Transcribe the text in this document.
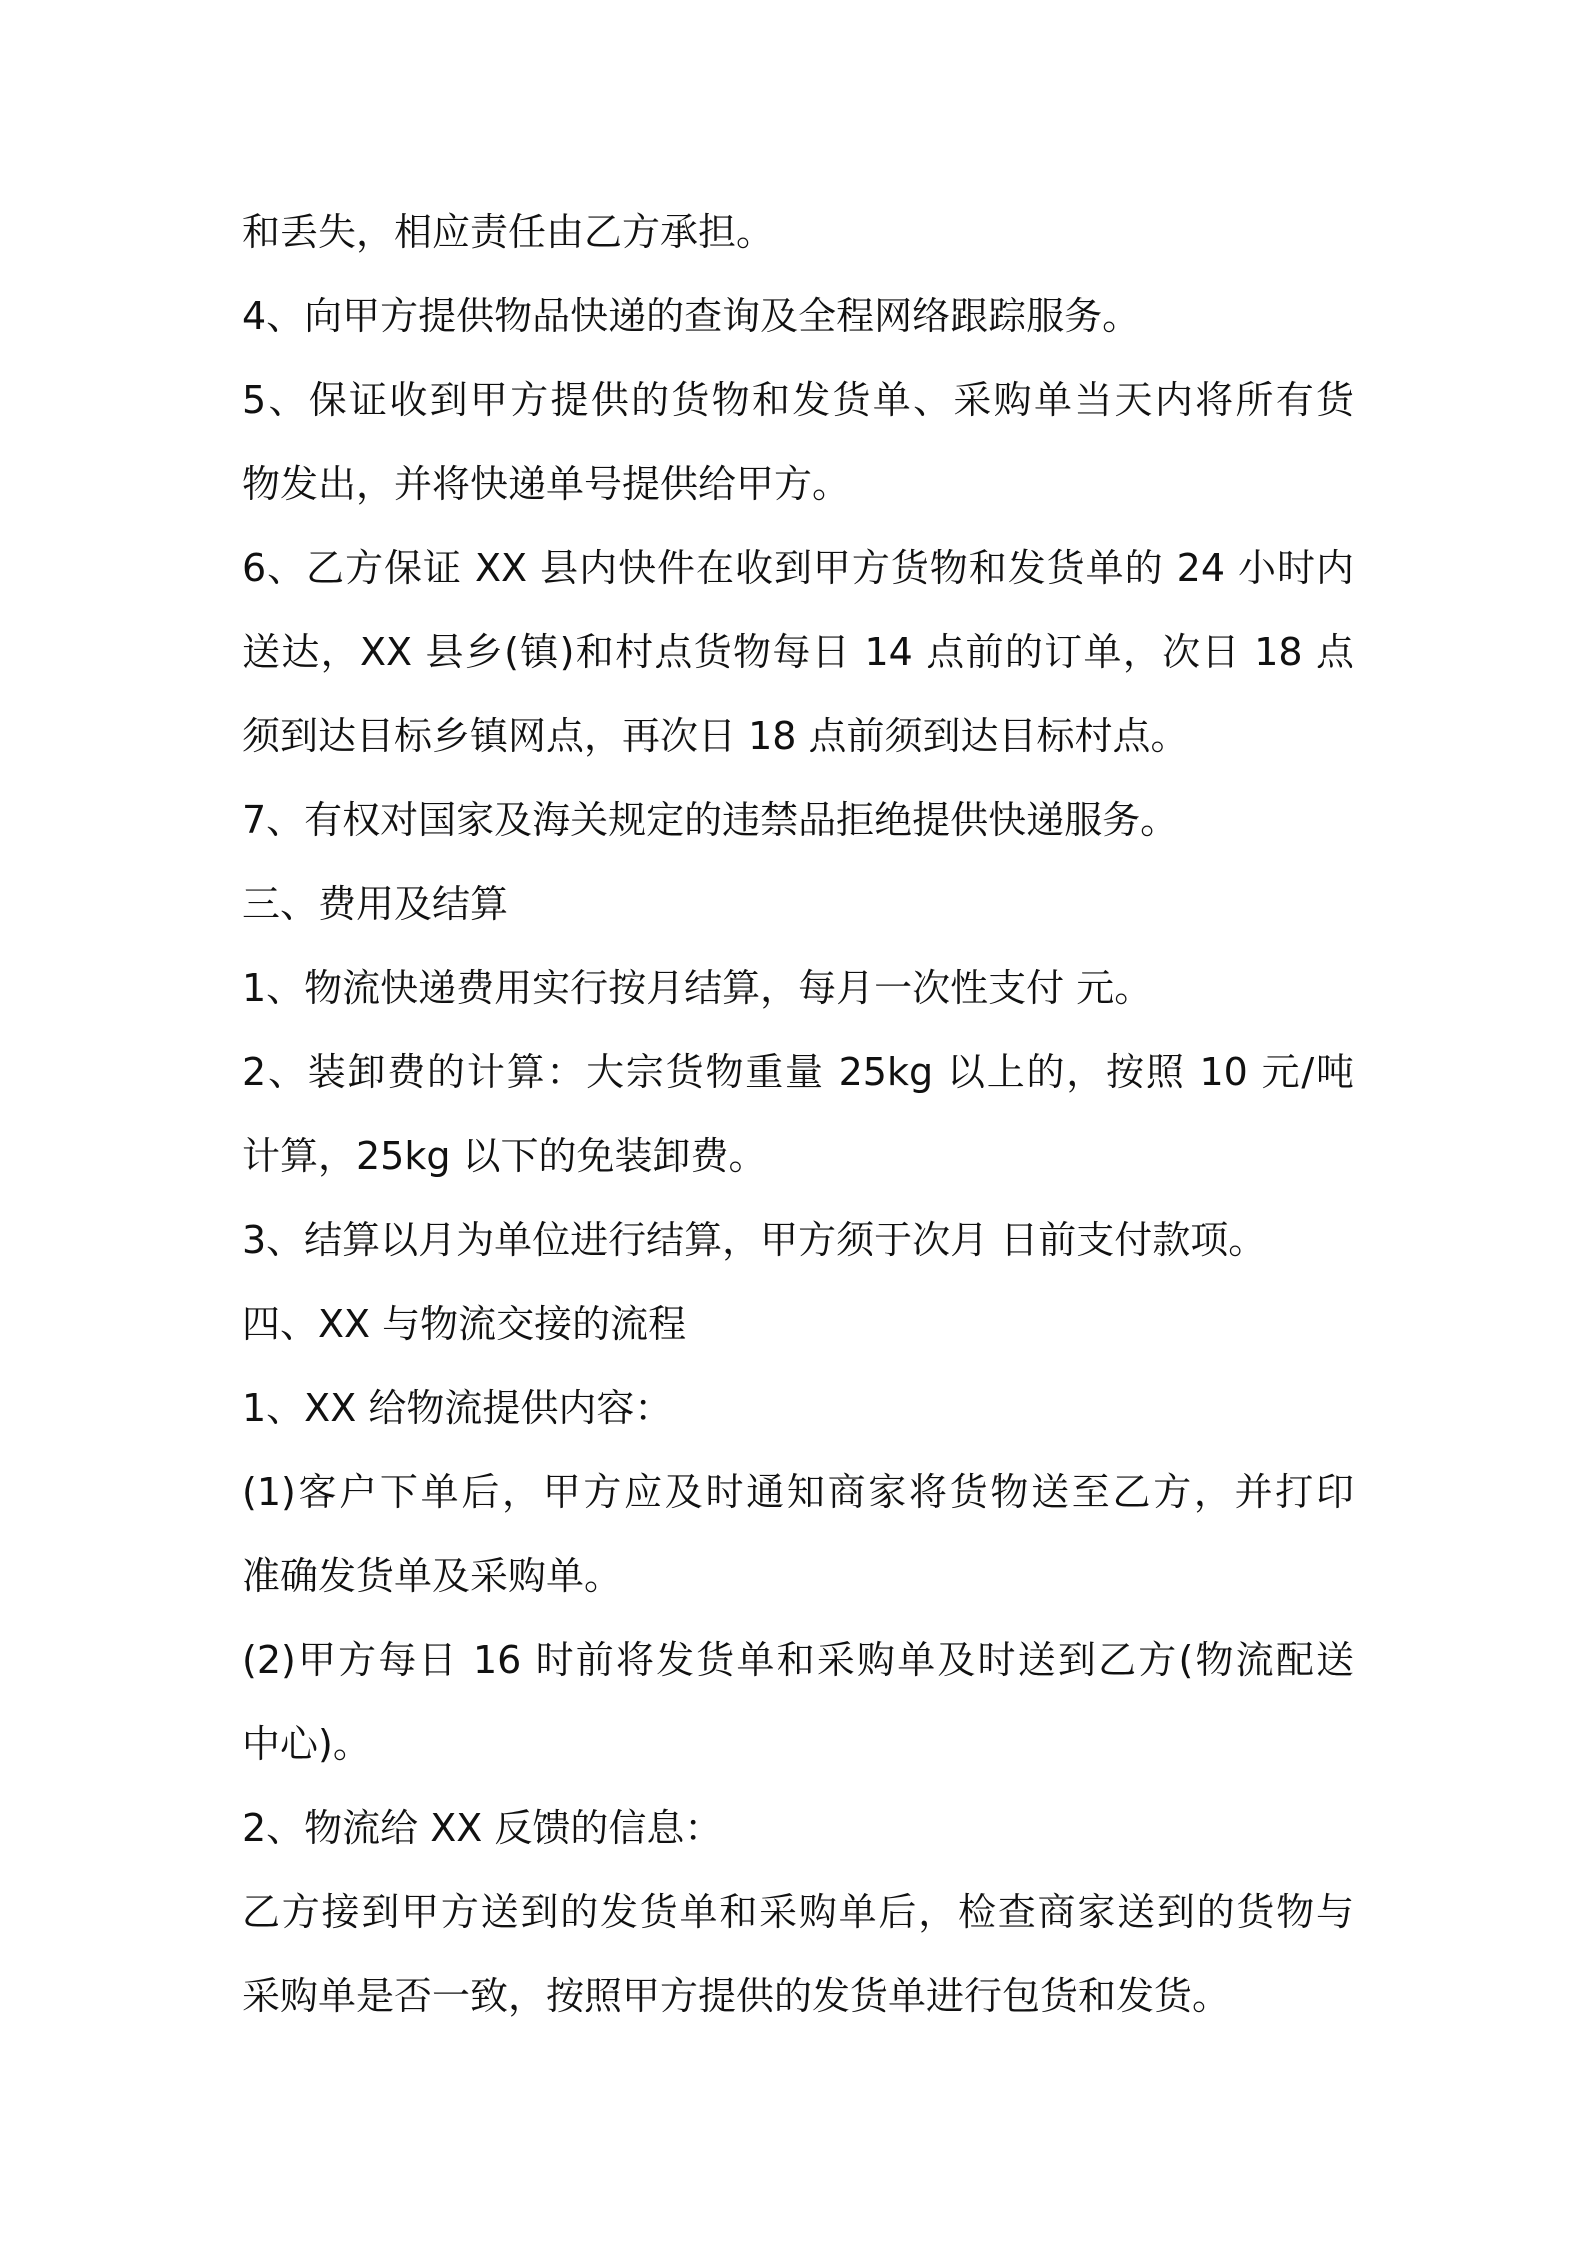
和丢失，相应责任由乙方承担。
4、向甲方提供物品快递的查询及全程网络跟踪服务。
5、保证收到甲方提供的货物和发货单、采购单当天内将所有货
物发出，并将快递单号提供给甲方。
6、乙方保证 XX 县内快件在收到甲方货物和发货单的 24 小时内
送达，XX 县乡(镇)和村点货物每日 14 点前的订单，次日 18 点
须到达目标乡镇网点，再次日 18 点前须到达目标村点。
7、有权对国家及海关规定的违禁品拒绝提供快递服务。
三、费用及结算
1、物流快递费用实行按月结算，每月一次性支付 元。
2、装卸费的计算：大宗货物重量 25kg 以上的，按照 10 元/吨
计算，25kg 以下的免装卸费。
3、结算以月为单位进行结算，甲方须于次月 日前支付款项。
四、XX 与物流交接的流程
1、XX 给物流提供内容：
(1)客户下单后，甲方应及时通知商家将货物送至乙方，并打印
准确发货单及采购单。
(2)甲方每日 16 时前将发货单和采购单及时送到乙方(物流配送
中心)。
2、物流给 XX 反馈的信息：
乙方接到甲方送到的发货单和采购单后，检查商家送到的货物与
采购单是否一致，按照甲方提供的发货单进行包货和发货。
